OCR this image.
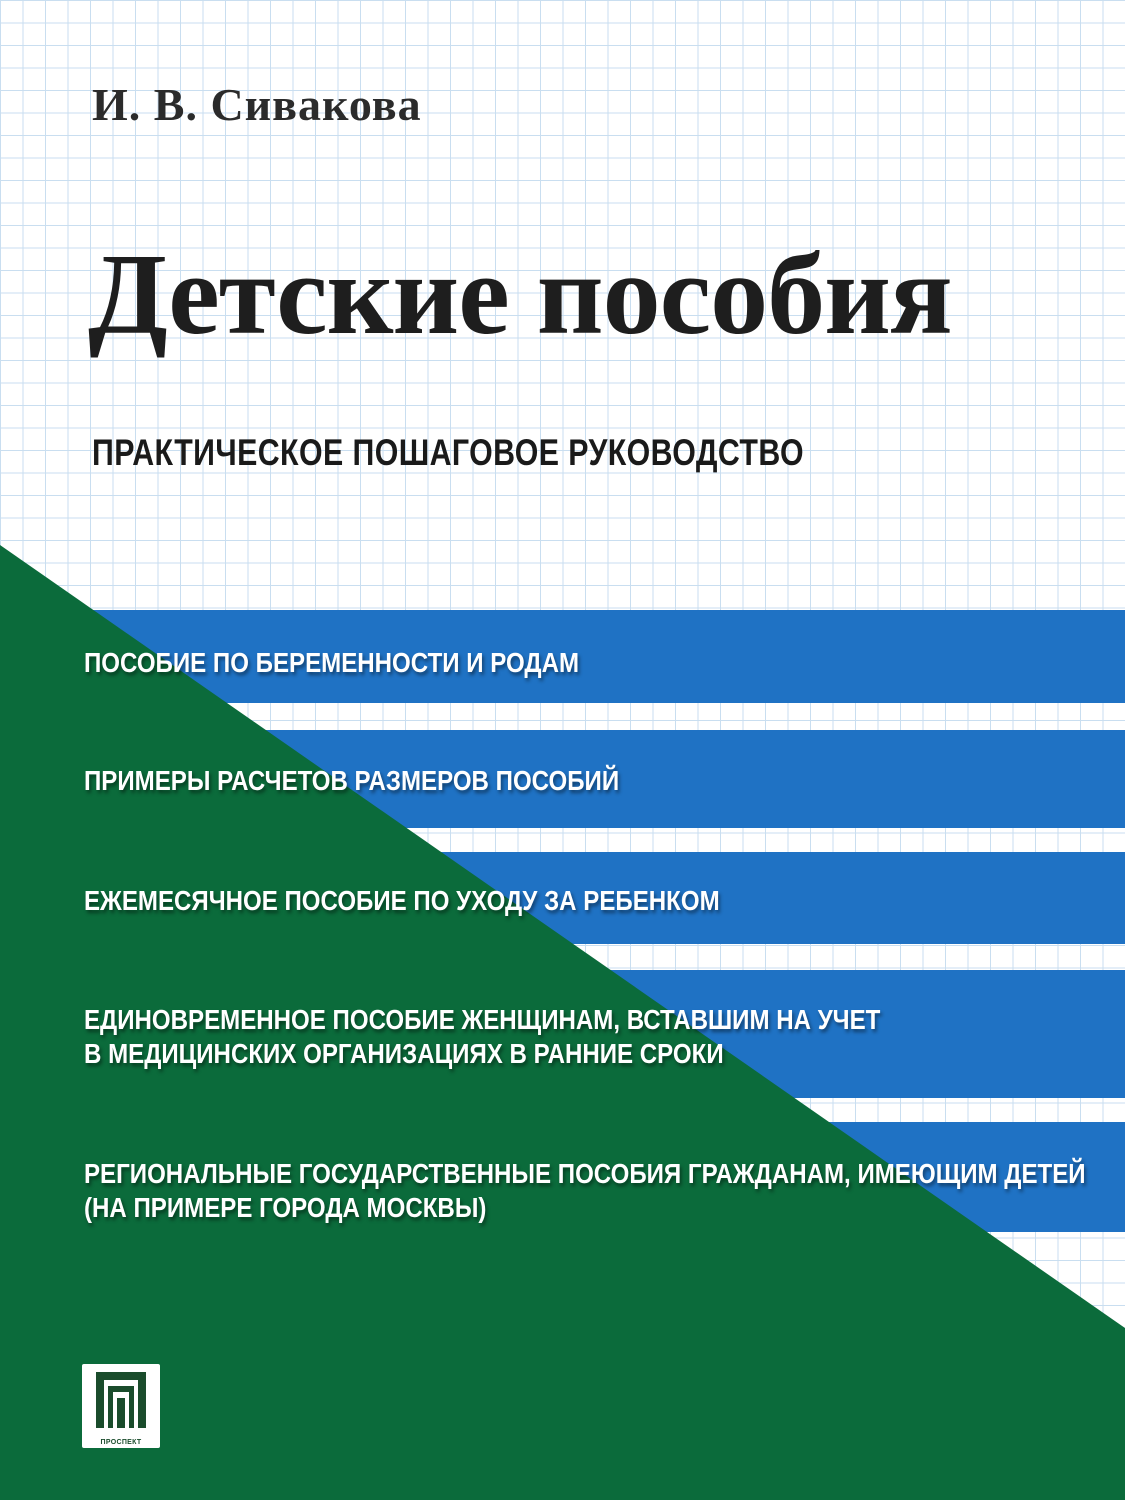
И. В. Сивакова

Детские пособия

ПРАКТИЧЕСКОЕ ПОШАГОВОЕ РУКОВОДСТВО

ПОСОБИЕ ПО БЕРЕМЕННОСТИ И РОДАМ
ПРИМЕРЫ РАСЧЕТОВ РАЗМЕРОВ ПОСОБИЙ
ЕЖЕМЕСЯЧНОЕ ПОСОБИЕ ПО УХОДУ ЗА РЕБЕНКОМ
ЕДИНОВРЕМЕННОЕ ПОСОБИЕ ЖЕНЩИНАМ, ВСТАВШИМ НА УЧЕТ
В МЕДИЦИНСКИХ ОРГАНИЗАЦИЯХ В РАННИЕ СРОКИ
РЕГИОНАЛЬНЫЕ ГОСУДАРСТВЕННЫЕ ПОСОБИЯ ГРАЖДАНАМ, ИМЕЮЩИМ ДЕТЕЙ
(НА ПРИМЕРЕ ГОРОДА МОСКВЫ)
ПРОСПЕКТ
